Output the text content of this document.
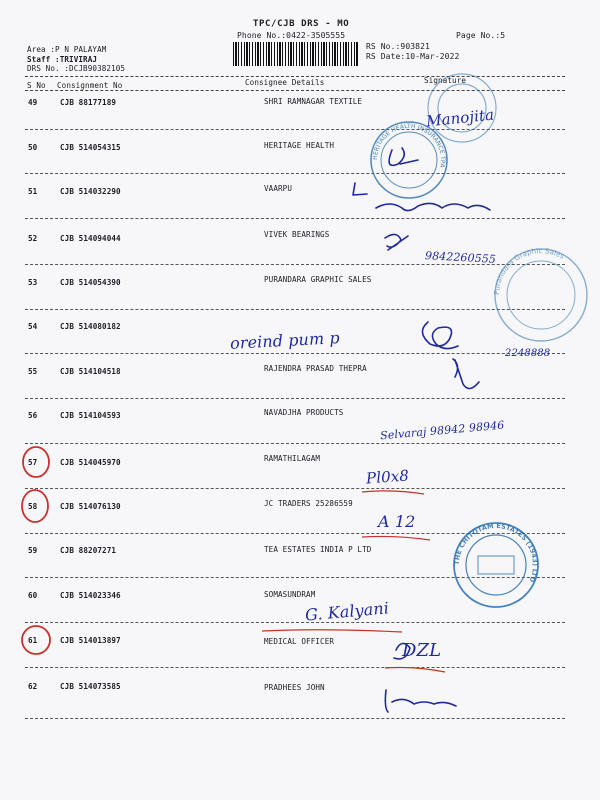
TPC/CJB DRS - MO
Phone No.:0422-3505555	Page No.:5
RS No.:903821
RS Date:10-Mar-2022
Area :P N PALAYAM
Staff :TRIVIRAJ
DRS No. :DCJB90382105
S No Consignment No	Consignee Details	Signature
49	CJB 88177189	SHRI RAMNAGAR TEXTILE
50	CJB 514054315	HERITAGE HEALTH
51	CJB 514032290	VAARPU
52	CJB 514094044	VIVEK BEARINGS
53	CJB 514054390	PURANDARA GRAPHIC SALES
54	CJB 514080182
55	CJB 514104518	RAJENDRA PRASAD THEPRA
56	CJB 514104593	NAVADJHA PRODUCTS
57	CJB 514045970	RAMATHILAGAM
58	CJB 514076130	JC TRADERS 25286559
59	CJB 88207271	TEA ESTATES INDIA P LTD
60	CJB 514023346	SOMASUNDRAM
61	CJB 514013897	MEDICAL OFFICER
62	CJB 514073585	PRADHEES JOHN
HERITAGE HEALTH INSURANCE TPA
Purandara Graphic Sales
THE CHITOTAM ESTATES (1943) LTD
Manojita
9842260555
oreind pum p
2248888
Selvaraj 98942 98946
Pl0x8
A 12
G. Kalyani
DZL
